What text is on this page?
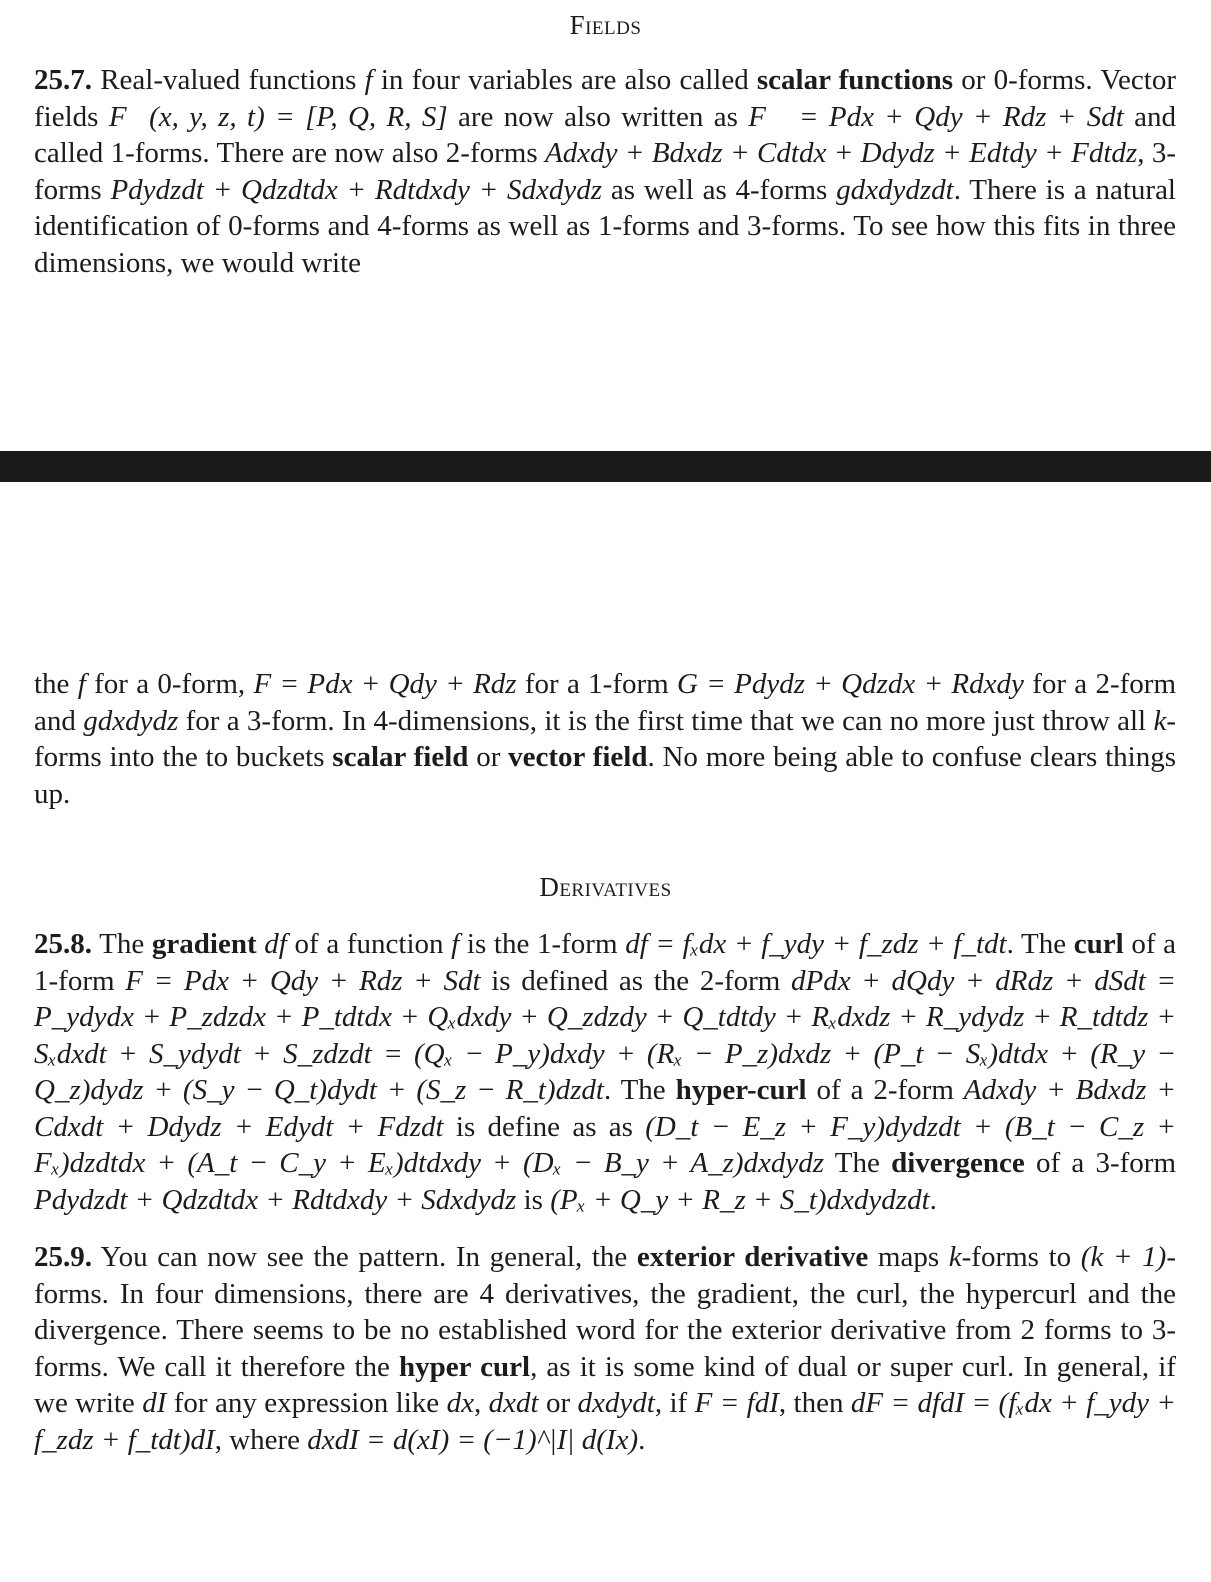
Fields
25.7. Real-valued functions f in four variables are also called scalar functions or 0-forms. Vector fields F⃗(x, y, z, t) = [P, Q, R, S] are now also written as F⃗ = Pdx + Qdy + Rdz + Sdt and called 1-forms. There are now also 2-forms Adxdy + Bdxdz + Cdtdx + Ddydz + Edtdy + Fdtdz, 3-forms Pdydzdt + Qdzdtdx + Rdtdxdy + Sdxdydz as well as 4-forms gdxdydzdt. There is a natural identification of 0-forms and 4-forms as well as 1-forms and 3-forms. To see how this fits in three dimensions, we would write
the f for a 0-form, F = Pdx + Qdy + Rdz for a 1-form G = Pdydz + Qdzdx + Rdxdy for a 2-form and gdxdydz for a 3-form. In 4-dimensions, it is the first time that we can no more just throw all k-forms into the to buckets scalar field or vector field. No more being able to confuse clears things up.
Derivatives
25.8. The gradient df of a function f is the 1-form df = fₓdx + f_ydy + f_zdz + f_tdt. The curl of a 1-form F = Pdx + Qdy + Rdz + Sdt is defined as the 2-form dPdx + dQdy + dRdz + dSdt = P_ydydx + P_zdzdx + P_tdtdx + Qₓdxdy + Q_zdzdy + Q_tdtdy + Rₓdxdz + R_ydydz + R_tdtdz + Sₓdxdt + S_ydydt + S_zdzdt = (Qₓ − P_y)dxdy + (Rₓ − P_z)dxdz + (P_t − Sₓ)dtdx + (R_y − Q_z)dydz + (S_y − Q_t)dydt + (S_z − R_t)dzdt. The hyper-curl of a 2-form Adxdy + Bdxdz + Cdxdt + Ddydz + Edydt + Fdzdt is define as as (D_t − E_z + F_y)dydzdt + (B_t − C_z + Fₓ)dzdtdx + (A_t − C_y + Eₓ)dtdxdy + (Dₓ − B_y + A_z)dxdydz The divergence of a 3-form Pdydzdt + Qdzdtdx + Rdtdxdy + Sdxdydz is (Pₓ + Q_y + R_z + S_t)dxdydzdt.
25.9. You can now see the pattern. In general, the exterior derivative maps k-forms to (k + 1)-forms. In four dimensions, there are 4 derivatives, the gradient, the curl, the hypercurl and the divergence. There seems to be no established word for the exterior derivative from 2 forms to 3-forms. We call it therefore the hyper curl, as it is some kind of dual or super curl. In general, if we write dI for any expression like dx, dxdt or dxdydt, if F = fdI, then dF = dfdI = (fₓdx + f_ydy + f_zdz + f_tdt)dI, where dxdI = d(xI) = (−1)^|I| d(Ix).
